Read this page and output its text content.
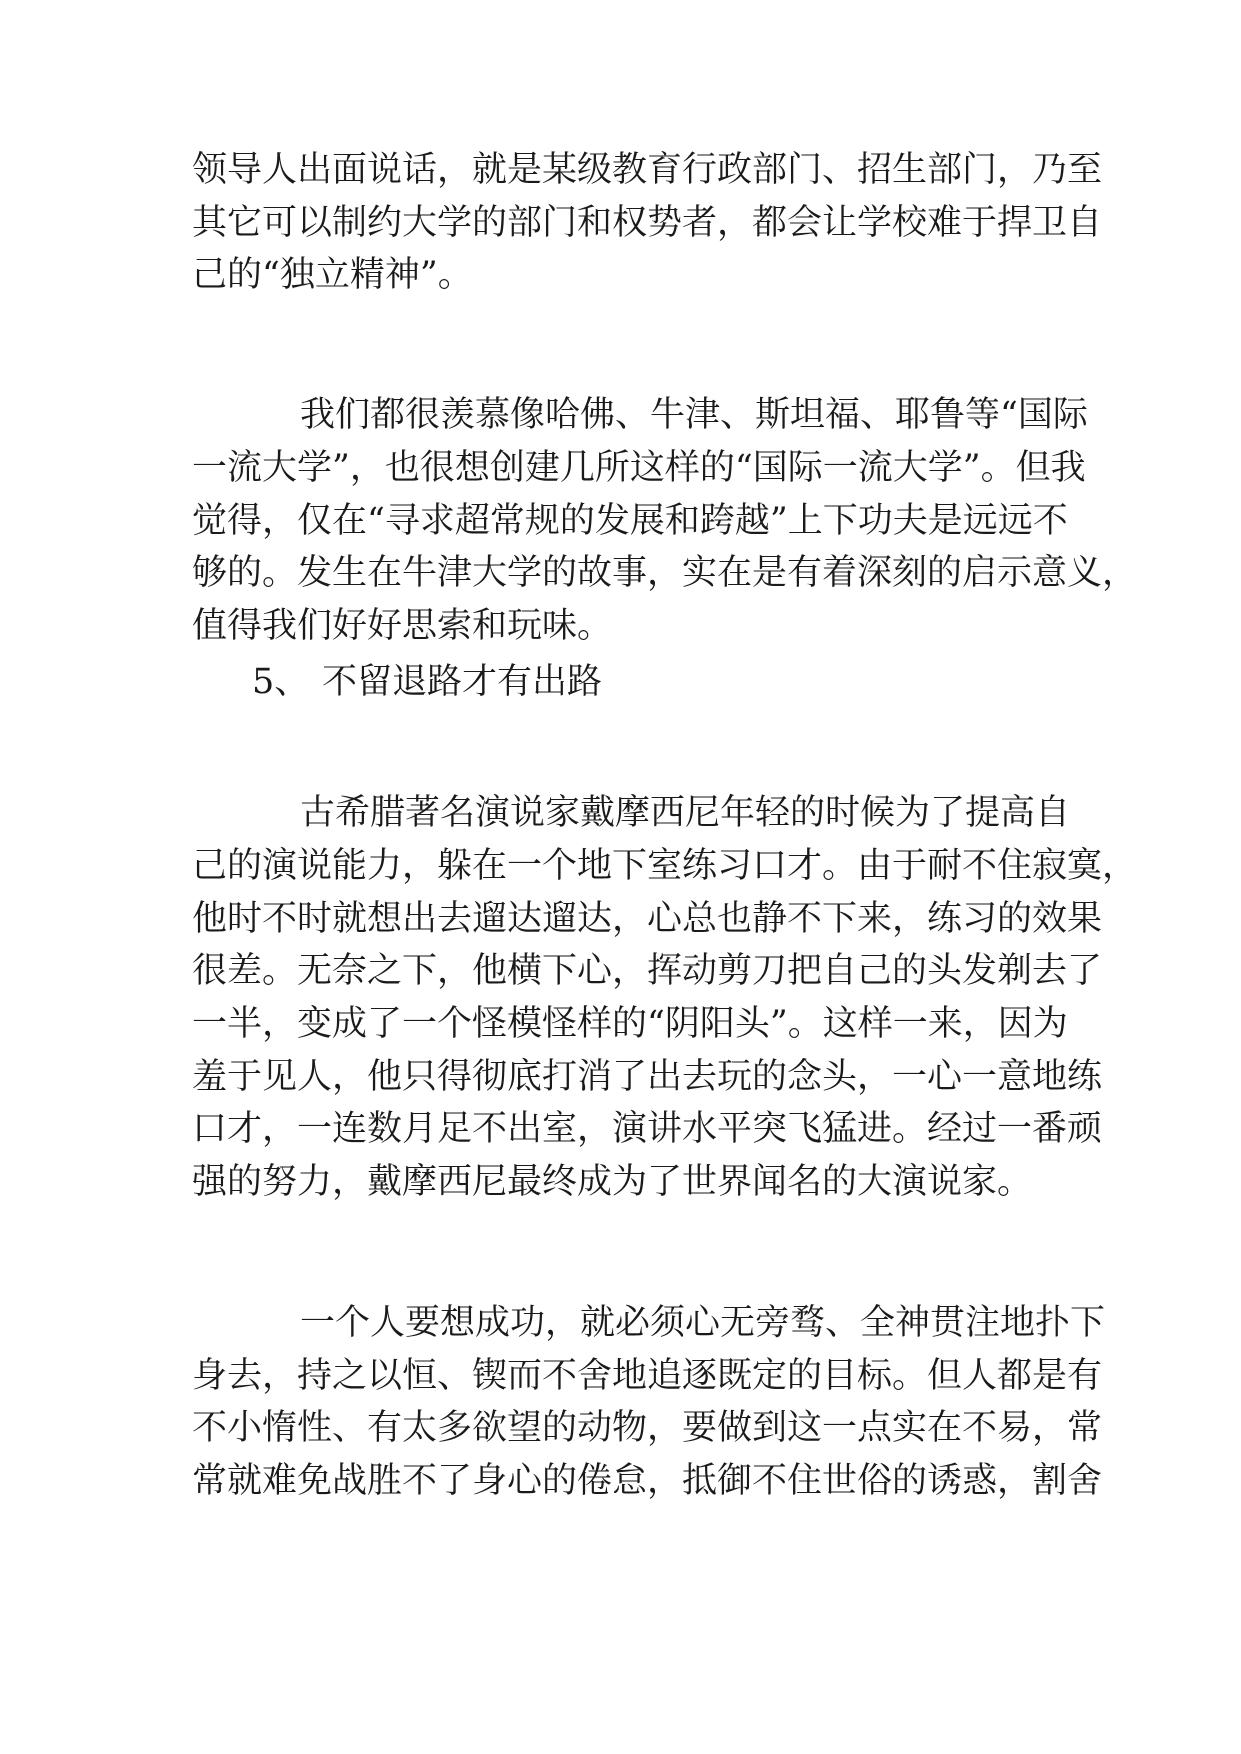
领导人出面说话，就是某级教育行政部门、招生部门，乃至
其它可以制约大学的部门和权势者，都会让学校难于捍卫自
己的“独立精神”。
我们都很羡慕像哈佛、牛津、斯坦福、耶鲁等“国际
一流大学”，也很想创建几所这样的“国际一流大学”。但我
觉得，仅在“寻求超常规的发展和跨越”上下功夫是远远不
够的。发生在牛津大学的故事，实在是有着深刻的启示意义，
值得我们好好思索和玩味。
5、 不留退路才有出路
古希腊著名演说家戴摩西尼年轻的时候为了提高自
己的演说能力，躲在一个地下室练习口才。由于耐不住寂寞，
他时不时就想出去遛达遛达，心总也静不下来，练习的效果
很差。无奈之下，他横下心，挥动剪刀把自己的头发剃去了
一半，变成了一个怪模怪样的“阴阳头”。这样一来，因为
羞于见人，他只得彻底打消了出去玩的念头，一心一意地练
口才，一连数月足不出室，演讲水平突飞猛进。经过一番顽
强的努力，戴摩西尼最终成为了世界闻名的大演说家。
一个人要想成功，就必须心无旁骛、全神贯注地扑下
身去，持之以恒、锲而不舍地追逐既定的目标。但人都是有
不小惰性、有太多欲望的动物，要做到这一点实在不易，常
常就难免战胜不了身心的倦怠，抵御不住世俗的诱惑，割舍
